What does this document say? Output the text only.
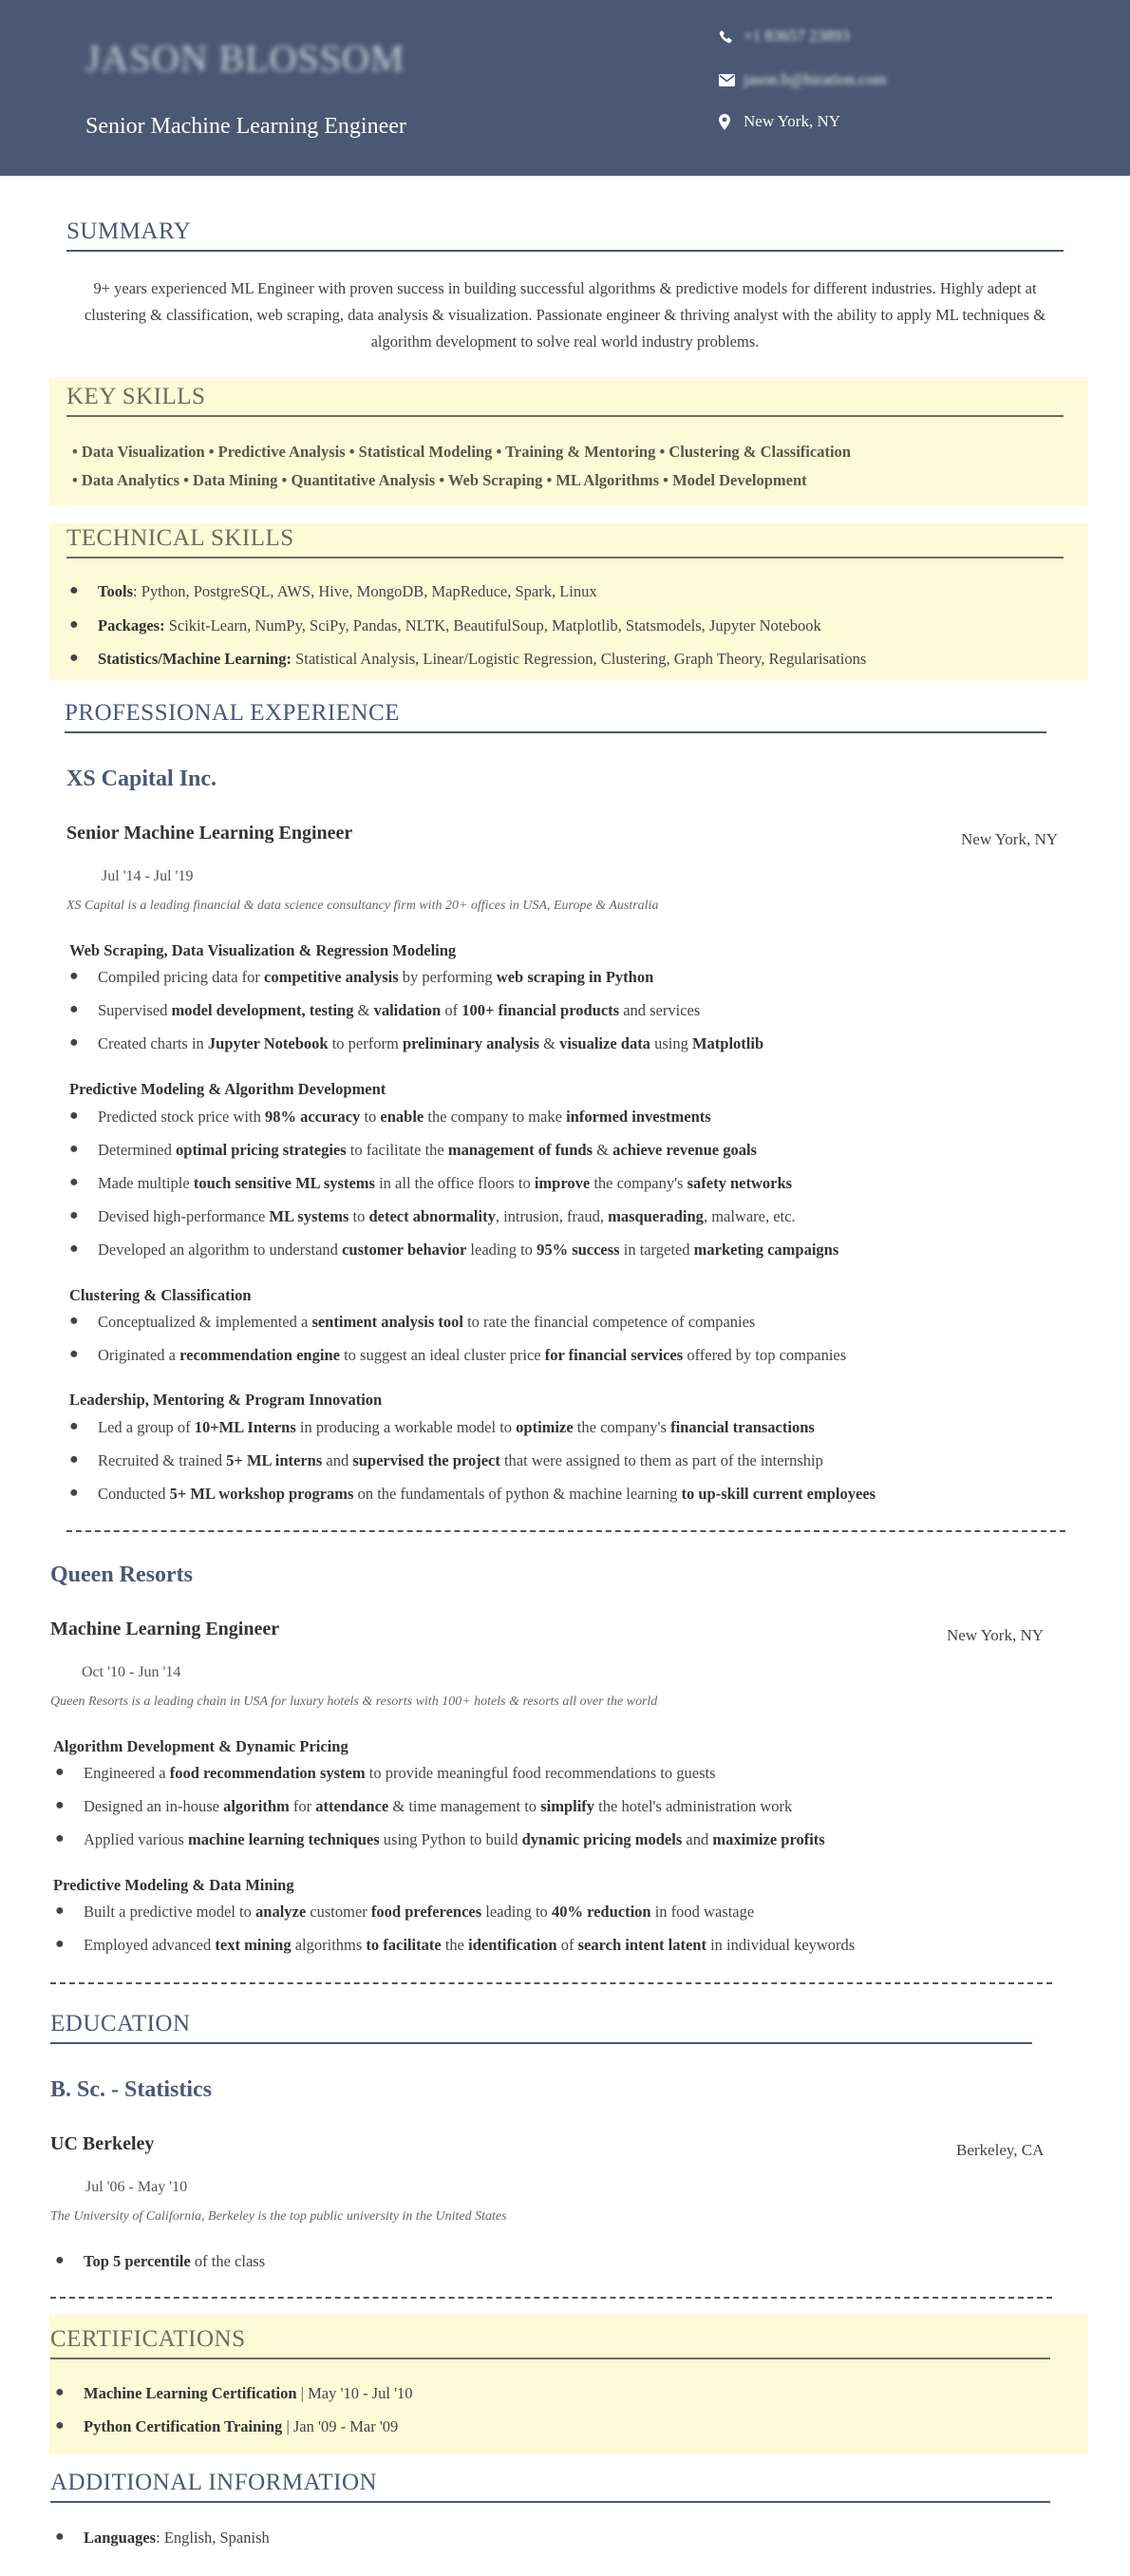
JASON BLOSSOM
Senior Machine Learning Engineer
+1 83657 23893
jason.b@hiration.com
New York, NY
SUMMARY
9+ years experienced ML Engineer with proven success in building successful algorithms & predictive models for different industries. Highly adept at clustering & classification, web scraping, data analysis & visualization. Passionate engineer & thriving analyst with the ability to apply ML techniques & algorithm development to solve real world industry problems.
KEY SKILLS
• Data Visualization • Predictive Analysis • Statistical Modeling • Training & Mentoring • Clustering & Classification
• Data Analytics • Data Mining • Quantitative Analysis • Web Scraping • ML Algorithms • Model Development
TECHNICAL SKILLS
● Tools: Python, PostgreSQL, AWS, Hive, MongoDB, MapReduce, Spark, Linux
● Packages: Scikit-Learn, NumPy, SciPy, Pandas, NLTK, BeautifulSoup, Matplotlib, Statsmodels, Jupyter Notebook
● Statistics/Machine Learning: Statistical Analysis, Linear/Logistic Regression, Clustering, Graph Theory, Regularisations
PROFESSIONAL EXPERIENCE
XS Capital Inc.
Senior Machine Learning Engineer	New York, NY
Jul '14 - Jul '19
XS Capital is a leading financial & data science consultancy firm with 20+ offices in USA, Europe & Australia
Web Scraping, Data Visualization & Regression Modeling
● Compiled pricing data for competitive analysis by performing web scraping in Python
● Supervised model development, testing & validation of 100+ financial products and services
● Created charts in Jupyter Notebook to perform preliminary analysis & visualize data using Matplotlib
Predictive Modeling & Algorithm Development
● Predicted stock price with 98% accuracy to enable the company to make informed investments
● Determined optimal pricing strategies to facilitate the management of funds & achieve revenue goals
● Made multiple touch sensitive ML systems in all the office floors to improve the company's safety networks
● Devised high-performance ML systems to detect abnormality, intrusion, fraud, masquerading, malware, etc.
● Developed an algorithm to understand customer behavior leading to 95% success in targeted marketing campaigns
Clustering & Classification
● Conceptualized & implemented a sentiment analysis tool to rate the financial competence of companies
● Originated a recommendation engine to suggest an ideal cluster price for financial services offered by top companies
Leadership, Mentoring & Program Innovation
● Led a group of 10+ML Interns in producing a workable model to optimize the company's financial transactions
● Recruited & trained 5+ ML interns and supervised the project that were assigned to them as part of the internship
● Conducted 5+ ML workshop programs on the fundamentals of python & machine learning to up-skill current employees
Queen Resorts
Machine Learning Engineer	New York, NY
Oct '10 - Jun '14
Queen Resorts is a leading chain in USA for luxury hotels & resorts with 100+ hotels & resorts all over the world
Algorithm Development & Dynamic Pricing
● Engineered a food recommendation system to provide meaningful food recommendations to guests
● Designed an in-house algorithm for attendance & time management to simplify the hotel's administration work
● Applied various machine learning techniques using Python to build dynamic pricing models and maximize profits
Predictive Modeling & Data Mining
● Built a predictive model to analyze customer food preferences leading to 40% reduction in food wastage
● Employed advanced text mining algorithms to facilitate the identification of search intent latent in individual keywords
EDUCATION
B. Sc. - Statistics
UC Berkeley	Berkeley, CA
Jul '06 - May '10
The University of California, Berkeley is the top public university in the United States
● Top 5 percentile of the class
CERTIFICATIONS
● Machine Learning Certification | May '10 - Jul '10
● Python Certification Training | Jan '09 - Mar '09
ADDITIONAL INFORMATION
● Languages: English, Spanish
